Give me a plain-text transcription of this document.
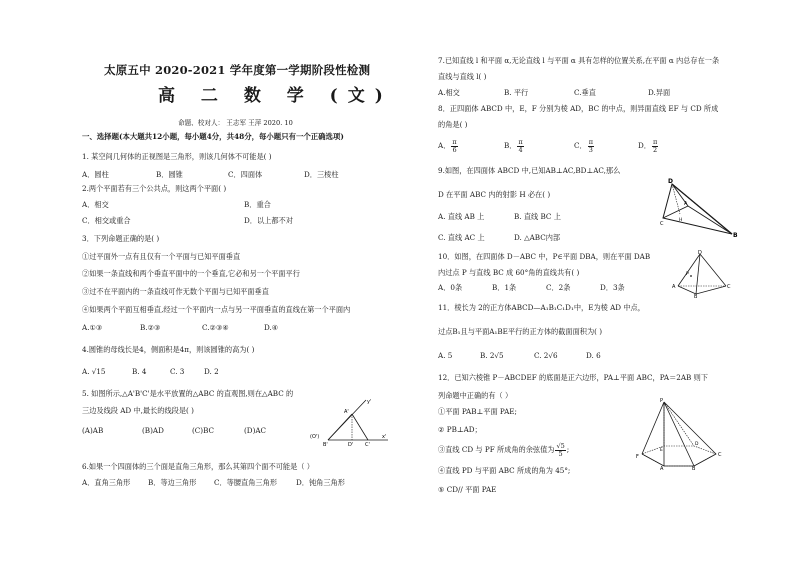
太原五中 2020-2021 学年度第一学期阶段性检测
高 二 数 学 (文)
命题、校对人： 王志军 王萍 2020. 10
一、选择题(本大题共12小题，每小题4分，共48分，每小题只有一个正确选项)
1. 某空间几何体的正视图是三角形，则该几何体不可能是( )
A．圆柱	B．圆锥	C．四面体	D．三棱柱
2.两个平面若有三个公共点，则这两个平面( )
A．相交	B．重合
C．相交或重合	D．以上都不对
3．下列命题正确的是( )
①过平面外一点有且仅有一个平面与已知平面垂直
②如果一条直线和两个垂直平面中的一个垂直,它必和另一个平面平行
③过不在平面内的一条直线可作无数个平面与已知平面垂直
④如果两个平面互相垂直,经过一个平面内一点与另一平面垂直的直线在第一个平面内
A.①③	B.②③	C.②③④	D.④
4.圆锥的母线长是4，侧面积是4π，则该圆锥的高为( )
A. √15	B. 4	C. 3	D. 2
5. 如图所示,△A'B'C'是水平放置的△ABC 的直观图,则在△ABC 的
三边及线段 AD 中,最长的线段是( )
(A)AB	(B)AD	(C)BC	(D)AC
y'
A'
(O')
B'	D' C'
x'
6.如果一个四面体的三个面是直角三角形，那么其第四个面不可能是（ ）
A．直角三角形 B．等边三角形 C．等腰直角三角形	D．钝角三角形
7.已知直线 l 和平面 α,无论直线 l 与平面 α 具有怎样的位置关系,在平面 α 内总存在一条
直线与直线 l( )
A.相交	B. 平行	C.垂直	D.异面
8．正四面体 ABCD 中，E，F 分别为棱 AD，BC 的中点，则异面直线 EF 与 CD 所成
的角是( )
A． $\frac{\pi}{6}$	B． $\frac{\pi}{4}$	C． $\frac{\pi}{3}$	D． $\frac{\pi}{2}$
9.如图，在四面体 ABCD 中,已知AB⊥AC,BD⊥AC,那么
D 在平面 ABC 内的射影 H 必在( )
A. 直线 AB 上	B. 直线 BC 上
C. 直线 AC 上	D. △ABC内部
D
A
B
C
H
10．如图，在四面体 D－ABC 中，P∈平面 DBA，则在平面 DAB
内过点 P 与直线 BC 成 60°角的直线共有( )
A．0条	B．1条	C．2条	D．3条
D
P
A
B
C
11．棱长为 2的正方体ABCD—A₁B₁C₁D₁中，E为棱 AD 中点，
过点B₁且与平面A₁BE平行的正方体的截面面积为( )
A. 5	B. 2√5	C. 2√6	D. 6
12．已知六棱锥 P－ABCDEF 的底面是正六边形，PA⊥平面 ABC，PA＝2AB 则下
列命题中正确的有（ ）
①平面 PAB⊥平面 PAE;
② PB⊥AD；
③直线 CD 与 PF 所成角的余弦值为 $\frac{√5}{5}$ ;
④直线 PD 与平面 ABC 所成的角为 45°;
⑤ CD// 平面 PAE
P
F
E
A	B
C
D
